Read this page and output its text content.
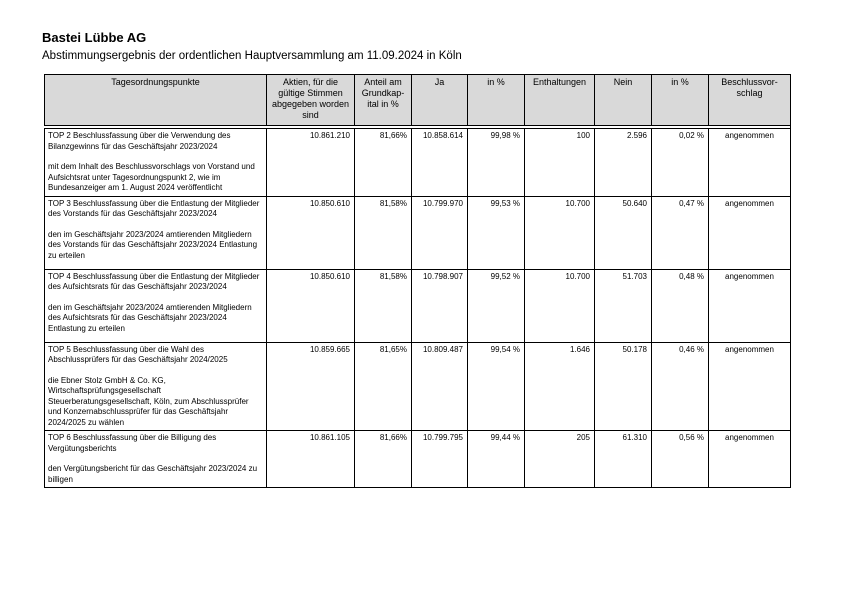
Bastei Lübbe AG
Abstimmungsergebnis der ordentlichen Hauptversammlung am 11.09.2024 in Köln
Tagesordnungspunkte	Aktien, für die gültige Stimmen abgegeben worden sind	Anteil am Grundkap-ital in %	Ja	in %	Enthaltungen	Nein	in %	Beschlussvor-schlag

TOP 2 Beschlussfassung über die Verwendung des Bilanzgewinns für das Geschäftsjahr 2023/2024
mit dem Inhalt des Beschlussvorschlags von Vorstand und Aufsichtsrat unter Tagesordnungspunkt 2, wie im Bundesanzeiger am 1. August 2024 veröffentlicht	10.861.210	81,66%	10.858.614	99,98 %	100	2.596	0,02 %	angenommen

TOP 3 Beschlussfassung über die Entlastung der Mitglieder des Vorstands für das Geschäftsjahr 2023/2024
den im Geschäftsjahr 2023/2024 amtierenden Mitgliedern des Vorstands für das Geschäftsjahr 2023/2024 Entlastung zu erteilen	10.850.610	81,58%	10.799.970	99,53 %	10.700	50.640	0,47 %	angenommen

TOP 4 Beschlussfassung über die Entlastung der Mitglieder des Aufsichtsrats für das Geschäftsjahr 2023/2024
den im Geschäftsjahr 2023/2024 amtierenden Mitgliedern des Aufsichtsrats für das Geschäftsjahr 2023/2024 Entlastung zu erteilen	10.850.610	81,58%	10.798.907	99,52 %	10.700	51.703	0,48 %	angenommen

TOP 5 Beschlussfassung über die Wahl des Abschlussprüfers für das Geschäftsjahr 2024/2025
die Ebner Stolz GmbH & Co. KG, Wirtschaftsprüfungsgesellschaft Steuerberatungsgesellschaft, Köln, zum Abschlussprüfer und Konzernabschlussprüfer für das Geschäftsjahr 2024/2025 zu wählen	10.859.665	81,65%	10.809.487	99,54 %	1.646	50.178	0,46 %	angenommen

TOP 6 Beschlussfassung über die Billigung des Vergütungsberichts
den Vergütungsbericht für das Geschäftsjahr 2023/2024 zu billigen	10.861.105	81,66%	10.799.795	99,44 %	205	61.310	0,56 %	angenommen
